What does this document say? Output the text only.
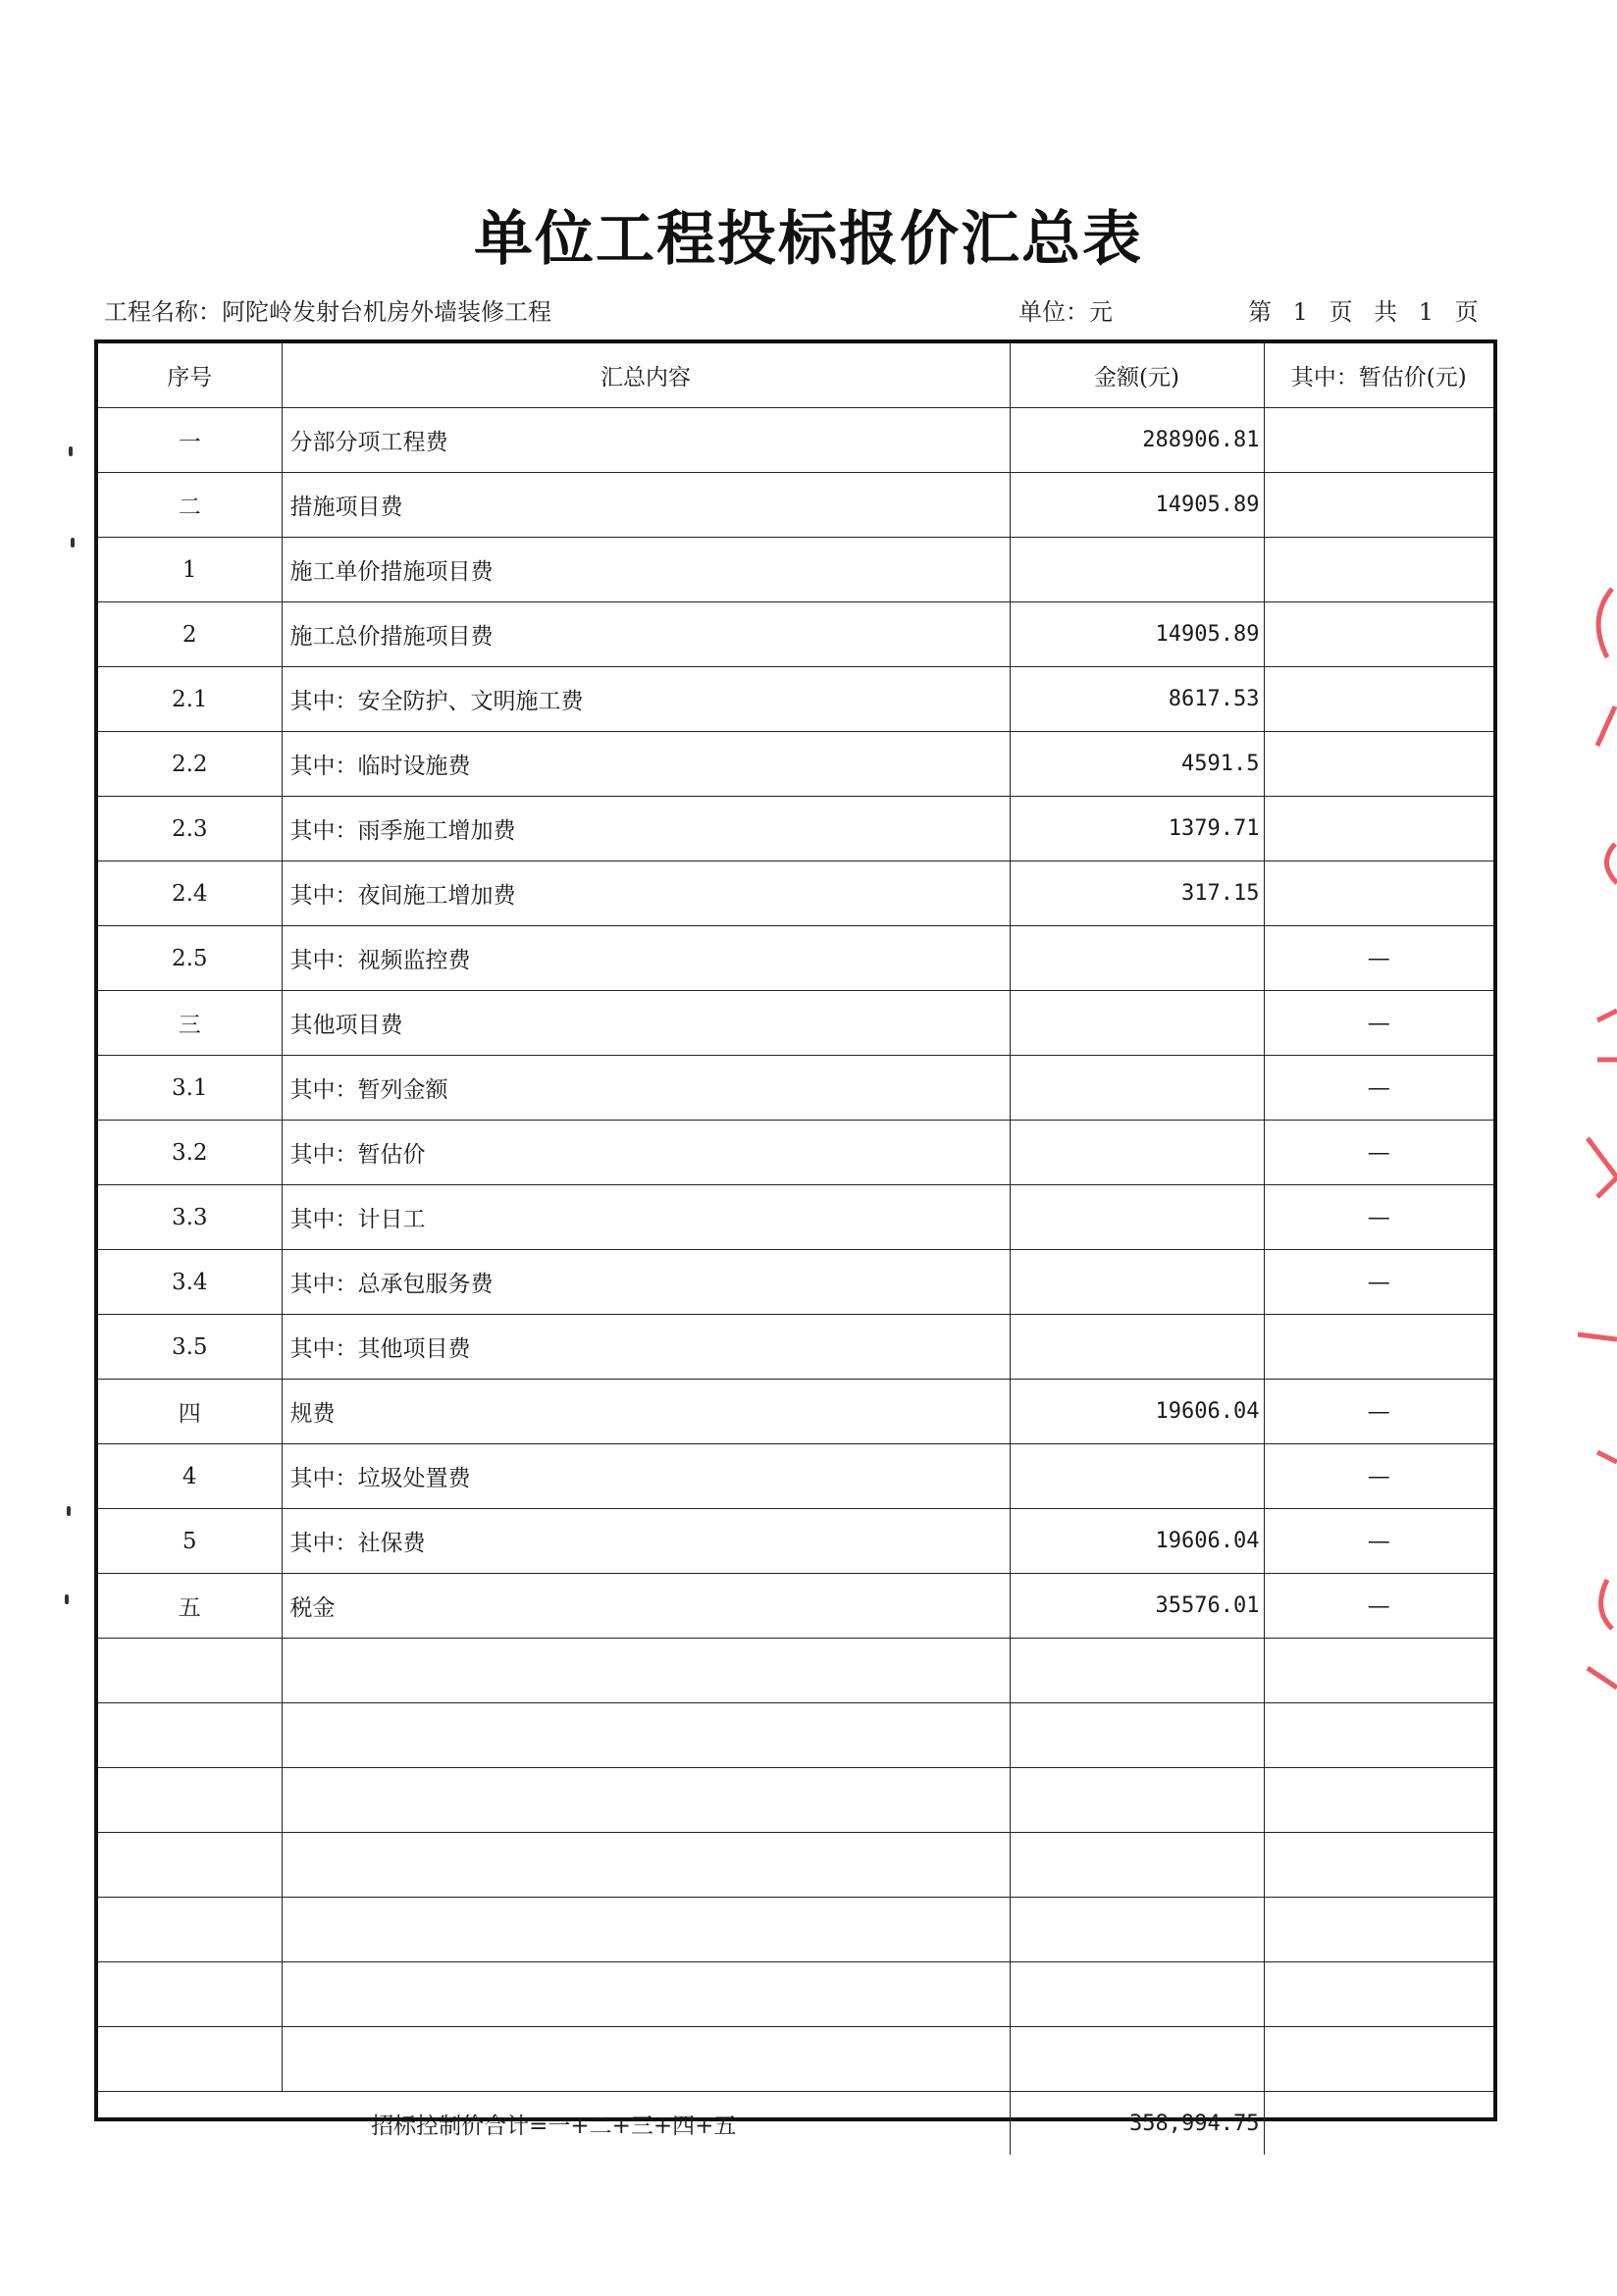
单位工程投标报价汇总表
工程名称：阿陀岭发射台机房外墙装修工程	单位：元	第 1 页 共 1 页
序号	汇总内容	金额(元)	其中：暂估价(元)
一	分部分项工程费	288906.81	
二	措施项目费	14905.89	
1	施工单价措施项目费		
2	施工总价措施项目费	14905.89	
2.1	其中：安全防护、文明施工费	8617.53	
2.2	其中：临时设施费	4591.5	
2.3	其中：雨季施工增加费	1379.71	
2.4	其中：夜间施工增加费	317.15	
2.5	其中：视频监控费		—
三	其他项目费		—
3.1	其中：暂列金额		—
3.2	其中：暂估价		—
3.3	其中：计日工		—
3.4	其中：总承包服务费		—
3.5	其中：其他项目费		
四	规费	19606.04	—
4	其中：垃圾处置费		—
5	其中：社保费	19606.04	—
五	税金	35576.01	—

招标控制价合计=一+二+三+四+五		358,994.75	
